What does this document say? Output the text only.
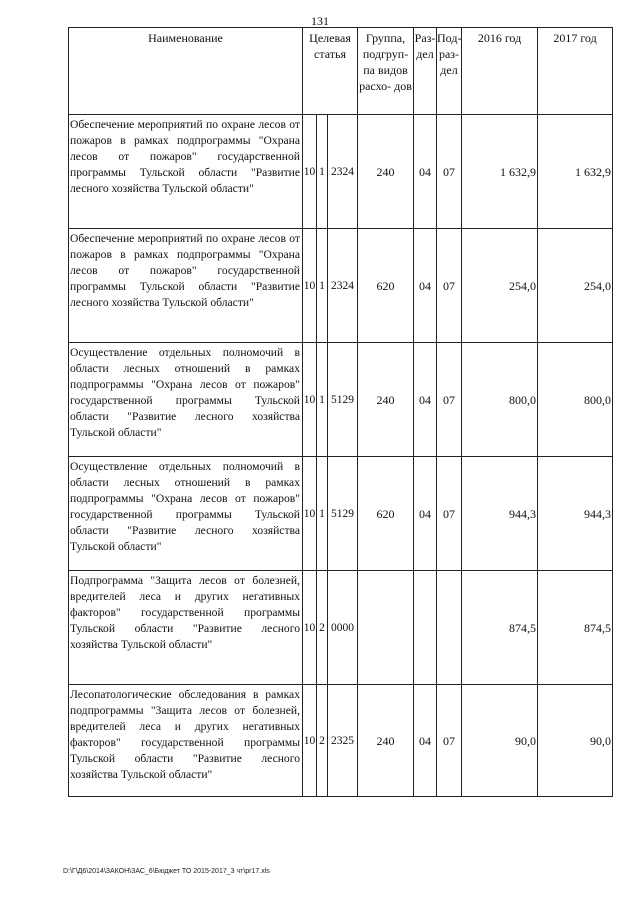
131
Наименование	Целевая статья			Группа, подгруп- па видов расхо- дов	Раз- дел	Под- раз- дел	2016 год	2017 год
Обеспечение мероприятий по охране лесов от пожаров в рамках подпрограммы "Охрана лесов от пожаров" государственной программы Тульской области "Развитие лесного хозяйства Тульской области"	10	1	2324	240	04	07	1 632,9	1 632,9
Обеспечение мероприятий по охране лесов от пожаров в рамках подпрограммы "Охрана лесов от пожаров" государственной программы Тульской области "Развитие лесного хозяйства Тульской области"	10	1	2324	620	04	07	254,0	254,0
Осуществление отдельных полномочий в области лесных отношений в рамках подпрограммы "Охрана лесов от пожаров" государственной программы Тульской области "Развитие лесного хозяйства Тульской области"	10	1	5129	240	04	07	800,0	800,0
Осуществление отдельных полномочий в области лесных отношений в рамках подпрограммы "Охрана лесов от пожаров" государственной программы Тульской области "Развитие лесного хозяйства Тульской области"	10	1	5129	620	04	07	944,3	944,3
Подпрограмма "Защита лесов от болезней, вредителей леса и других негативных факторов" государственной программы Тульской области "Развитие лесного хозяйства Тульской области"	10	2	0000				874,5	874,5
Лесопатологические обследования в рамках подпрограммы "Защита лесов от болезней, вредителей леса и других негативных факторов" государственной программы Тульской области "Развитие лесного хозяйства Тульской области"	10	2	2325	240	04	07	90,0	90,0
D:\Г\Д6\2014\ЗАКОН\ЗАС_6\Бюджет ТО 2015-2017_3 чт\рr17.xls
